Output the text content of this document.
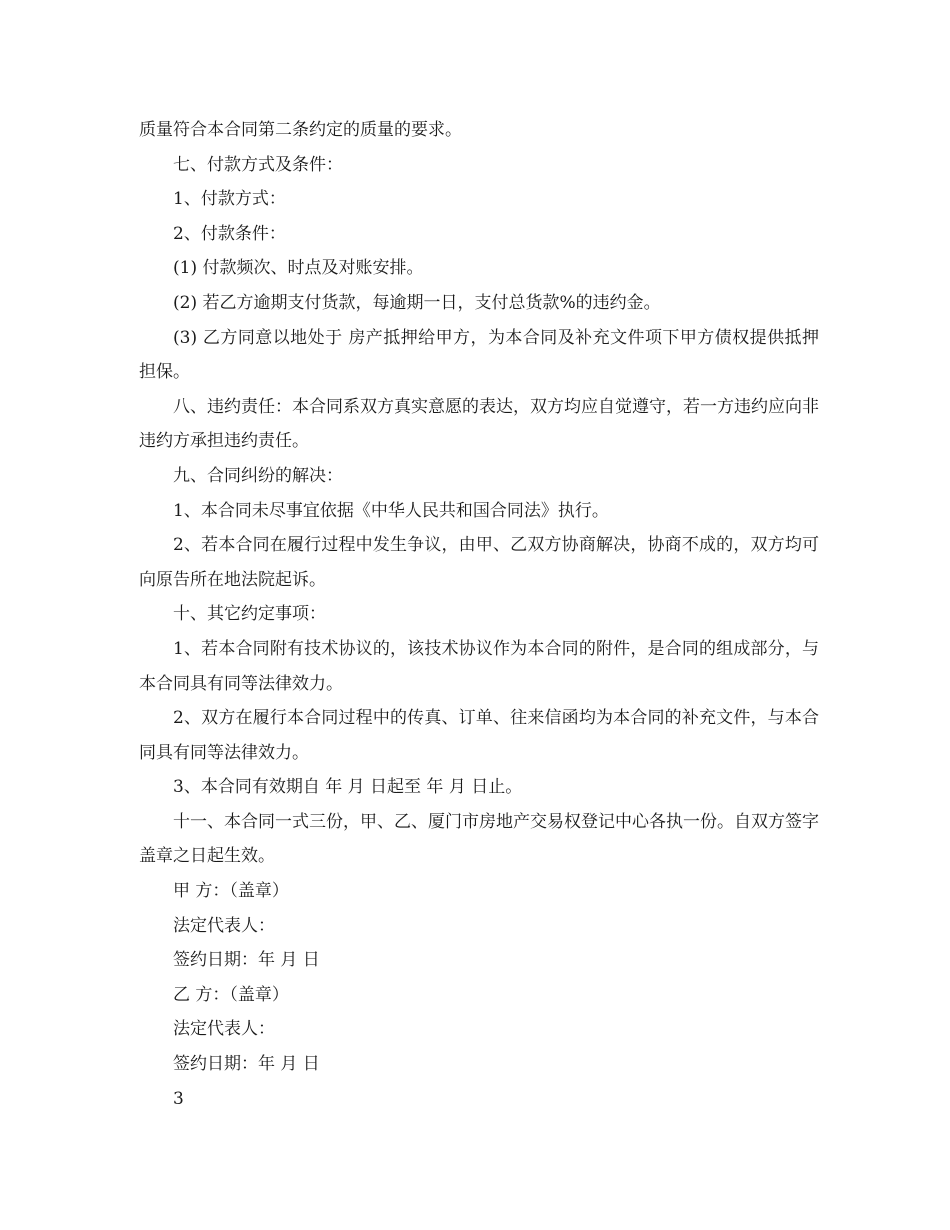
质量符合本合同第二条约定的质量的要求。

七、付款方式及条件：

1、付款方式：

2、付款条件：

(1) 付款频次、时点及对账安排。

(2) 若乙方逾期支付货款，每逾期一日，支付总货款%的违约金。

(3) 乙方同意以地处于 房产抵押给甲方，为本合同及补充文件项下甲方债权提供抵押担保。

八、违约责任：本合同系双方真实意愿的表达，双方均应自觉遵守，若一方违约应向非违约方承担违约责任。

九、合同纠纷的解决：

1、本合同未尽事宜依据《中华人民共和国合同法》执行。

2、若本合同在履行过程中发生争议，由甲、乙双方协商解决，协商不成的，双方均可向原告所在地法院起诉。

十、其它约定事项：

1、若本合同附有技术协议的，该技术协议作为本合同的附件，是合同的组成部分，与本合同具有同等法律效力。

2、双方在履行本合同过程中的传真、订单、往来信函均为本合同的补充文件，与本合同具有同等法律效力。

3、本合同有效期自 年 月 日起至 年 月 日止。

十一、本合同一式三份，甲、乙、厦门市房地产交易权登记中心各执一份。自双方签字盖章之日起生效。

甲 方：（盖章）

法定代表人：

签约日期：年 月 日

乙 方：（盖章）

法定代表人：

签约日期：年 月 日

3
